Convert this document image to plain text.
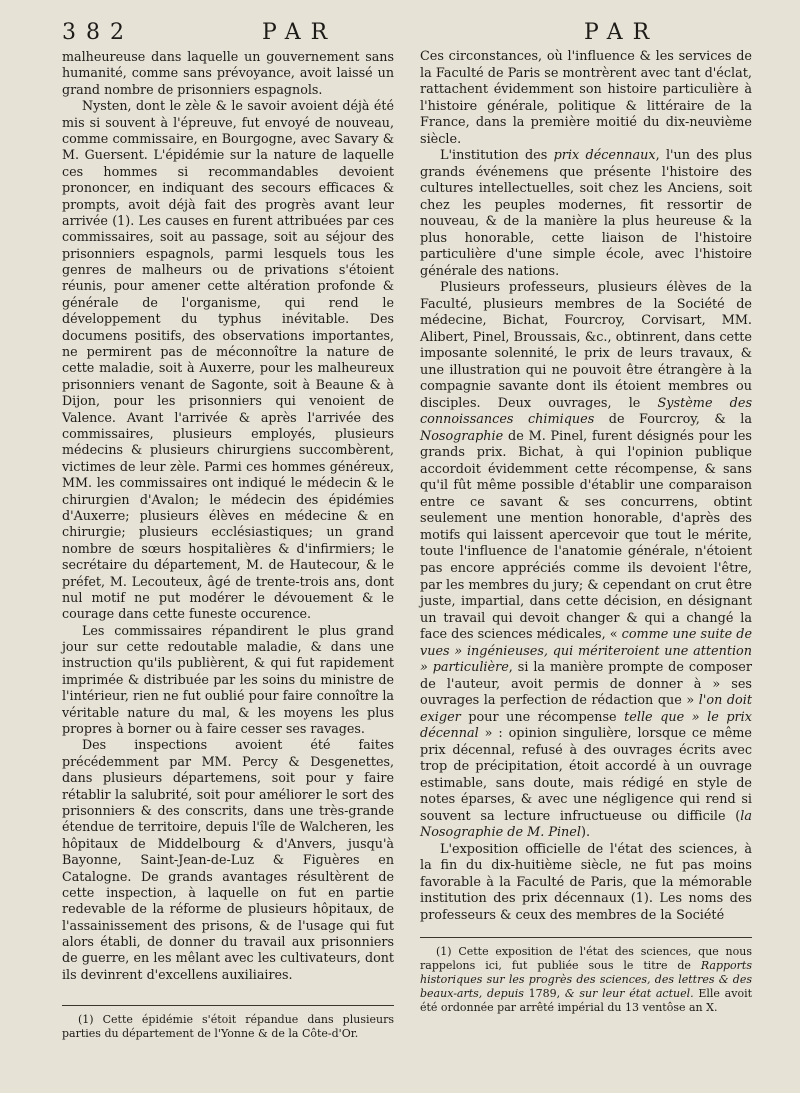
382	PAR	PAR

malheureuse dans laquelle un gouvernement sans humanité, comme sans prévoyance, avoit laissé un grand nombre de prisonniers espagnols.

Nysten, dont le zèle & le savoir avoient déjà été mis si souvent à l'épreuve, fut envoyé de nouveau, comme commissaire, en Bourgogne, avec Savary & M. Guersent. L'épidémie sur la nature de laquelle ces hommes si recommandables devoient prononcer, en indiquant des secours efficaces & prompts, avoit déjà fait des progrès avant leur arrivée (1). Les causes en furent attribuées par ces commissaires, soit au passage, soit au séjour des prisonniers espagnols, parmi lesquels tous les genres de malheurs ou de privations s'étoient réunis, pour amener cette altération profonde & générale de l'organisme, qui rend le développement du typhus inévitable. Des documens positifs, des observations importantes, ne permirent pas de méconnoître la nature de cette maladie, soit à Auxerre, pour les malheureux prisonniers venant de Sagonte, soit à Beaune & à Dijon, pour les prisonniers qui venoient de Valence. Avant l'arrivée & après l'arrivée des commissaires, plusieurs employés, plusieurs médecins & plusieurs chirurgiens succombèrent, victimes de leur zèle. Parmi ces hommes généreux, MM. les commissaires ont indiqué le médecin & le chirurgien d'Avalon; le médecin des épidémies d'Auxerre; plusieurs élèves en médecine & en chirurgie; plusieurs ecclésiastiques; un grand nombre de sœurs hospitalières & d'infirmiers; le secrétaire du département, M. de Hautecour, & le préfet, M. Lecouteux, âgé de trente-trois ans, dont nul motif ne put modérer le dévouement & le courage dans cette funeste occurence.

Les commissaires répandirent le plus grand jour sur cette redoutable maladie, & dans une instruction qu'ils publièrent, & qui fut rapidement imprimée & distribuée par les soins du ministre de l'intérieur, rien ne fut oublié pour faire connoître la véritable nature du mal, & les moyens les plus propres à borner ou à faire cesser ses ravages.

Des inspections avoient été faites précédemment par MM. Percy & Desgenettes, dans plusieurs départemens, soit pour y faire rétablir la salubrité, soit pour améliorer le sort des prisonniers & des conscrits, dans une très-grande étendue de territoire, depuis l'île de Walcheren, les hôpitaux de Middelbourg & d'Anvers, jusqu'à Bayonne, Saint-Jean-de-Luz & Figuères en Catalogne. De grands avantages résultèrent de cette inspection, à laquelle on fut en partie redevable de la réforme de plusieurs hôpitaux, de l'assainissement des prisons, & de l'usage qui fut alors établi, de donner du travail aux prisonniers de guerre, en les mêlant avec les cultivateurs, dont ils devinrent d'excellens auxiliaires.

(1) Cette épidémie s'étoit répandue dans plusieurs parties du département de l'Yonne & de la Côte-d'Or.

Ces circonstances, où l'influence & les services de la Faculté de Paris se montrèrent avec tant d'éclat, rattachent évidemment son histoire particulière à l'histoire générale, politique & littéraire de la France, dans la première moitié du dix-neuvième siècle.

L'institution des prix décennaux, l'un des plus grands événemens que présente l'histoire des cultures intellectuelles, soit chez les Anciens, soit chez les peuples modernes, fit ressortir de nouveau, & de la manière la plus heureuse & la plus honorable, cette liaison de l'histoire particulière d'une simple école, avec l'histoire générale des nations.

Plusieurs professeurs, plusieurs élèves de la Faculté, plusieurs membres de la Société de médecine, Bichat, Fourcroy, Corvisart, MM. Alibert, Pinel, Broussais, &c., obtinrent, dans cette imposante solennité, le prix de leurs travaux, & une illustration qui ne pouvoit être étrangère à la compagnie savante dont ils étoient membres ou disciples. Deux ouvrages, le Système des connoissances chimiques de Fourcroy, & la Nosographie de M. Pinel, furent désignés pour les grands prix. Bichat, à qui l'opinion publique accordoit évidemment cette récompense, & sans qu'il fût même possible d'établir une comparaison entre ce savant & ses concurrens, obtint seulement une mention honorable, d'après des motifs qui laissent apercevoir que tout le mérite, toute l'influence de l'anatomie générale, n'étoient pas encore appréciés comme ils devoient l'être, par les membres du jury; & cependant on crut être juste, impartial, dans cette décision, en désignant un travail qui devoit changer & qui a changé la face des sciences médicales, « comme une suite de vues » ingénieuses, qui mériteroient une attention » particulière, si la manière prompte de composer de l'auteur, avoit permis de donner à » ses ouvrages la perfection de rédaction que » l'on doit exiger pour une récompense telle que » le prix décennal » : opinion singulière, lorsque ce même prix décennal, refusé à des ouvrages écrits avec trop de précipitation, étoit accordé à un ouvrage estimable, sans doute, mais rédigé en style de notes éparses, & avec une négligence qui rend si souvent sa lecture infructueuse ou difficile (la Nosographie de M. Pinel).

L'exposition officielle de l'état des sciences, à la fin du dix-huitième siècle, ne fut pas moins favorable à la Faculté de Paris, que la mémorable institution des prix décennaux (1). Les noms des professeurs & ceux des membres de la Société

(1) Cette exposition de l'état des sciences, que nous rappelons ici, fut publiée sous le titre de Rapports historiques sur les progrès des sciences, des lettres & des beaux-arts, depuis 1789, & sur leur état actuel. Elle avoit été ordonnée par arrêté impérial du 13 ventôse an X.
